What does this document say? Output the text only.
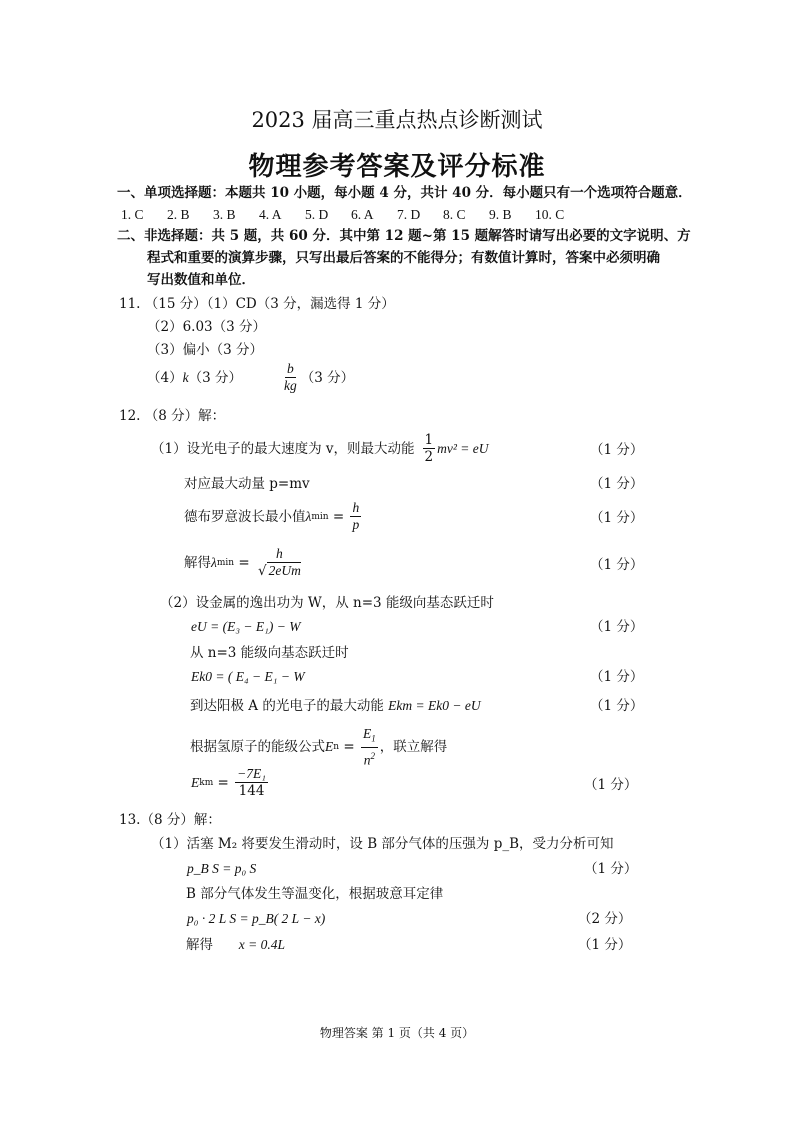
2023 届高三重点热点诊断测试
物理参考答案及评分标准
一、单项选择题：本题共 10 小题，每小题 4 分，共计 40 分．每小题只有一个选项符合题意．
1. C 2. B 3. B 4. A 5. D 6. A 7. D 8. C 9. B 10. C
二、非选择题：共 5 题，共 60 分．其中第 12 题~第 15 题解答时请写出必要的文字说明、方
程式和重要的演算步骤，只写出最后答案的不能得分；有数值计算时，答案中必须明确
写出数值和单位．
11. （15 分）（1）CD（3 分，漏选得 1 分）
（2）6.03（3 分）
（3）偏小（3 分）
（4） k （3 分）	$\frac{b}{kg} (3$ 分）
12. （8 分）解：
（1）设光电子的最大速度为 v，则最大动能 $\frac{1}{2} mv^2$ = eU	（1 分）
对应最大动量 p=mv	（1 分）
德布罗意波长最小值 λ $\min = \frac{h}{p}$	（1 分）
解得 λ $\min = \frac{h}{\text{√ 2eUm}}$	（1 分）
（2）设金属的逸出功为 W，从 n=3 能级向基态跃迁时
eU = (E₃ − E₁) − W	（1 分）
从 n=3 能级向基态跃迁时
Ek0 = ( E₄ − E₁ − W	（1 分）
到达阳极 A 的光电子的最大动能 Ekm = Ek0 − eU	（1 分）
根据氢原子的能级公式 E $n = \frac{E_1}{n^2}$ ，联立解得
E km = $\frac{\text{−7E₁}}{144}$	（1 分）
13.（8 分）解：
（1）活塞 M₂ 将要发生滑动时，设 B 部分气体的压强为 p_B，受力分析可知
p_B S = p₀ S	（1 分）
B 部分气体发生等温变化，根据玻意耳定律
p₀ · 2 L S = p_B( 2 L − x)	（2 分）
解得 x = 0.4L	（1 分）
物理答案 第 1 页（共 4 页）
